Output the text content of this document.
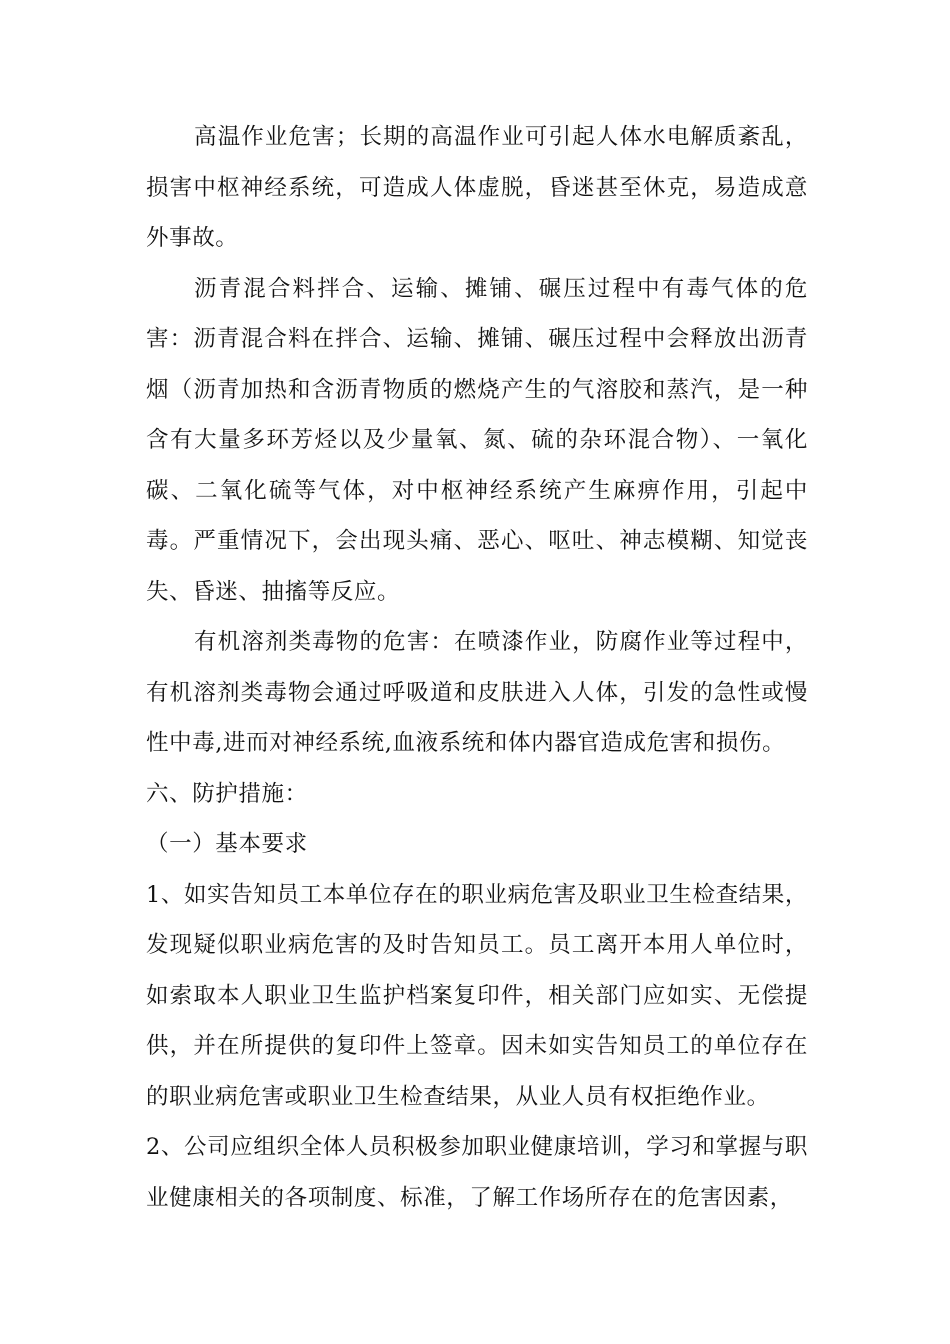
高温作业危害；长期的高温作业可引起人体水电解质紊乱，损害中枢神经系统，可造成人体虚脱，昏迷甚至休克，易造成意外事故。

沥青混合料拌合、运输、摊铺、碾压过程中有毒气体的危害：沥青混合料在拌合、运输、摊铺、碾压过程中会释放出沥青烟（沥青加热和含沥青物质的燃烧产生的气溶胶和蒸汽，是一种含有大量多环芳烃以及少量氧、氮、硫的杂环混合物）、一氧化碳、二氧化硫等气体，对中枢神经系统产生麻痹作用，引起中毒。严重情况下，会出现头痛、恶心、呕吐、神志模糊、知觉丧失、昏迷、抽搐等反应。

有机溶剂类毒物的危害：在喷漆作业，防腐作业等过程中，有机溶剂类毒物会通过呼吸道和皮肤进入人体，引发的急性或慢性中毒,进而对神经系统,血液系统和体内器官造成危害和损伤。

六、防护措施：

（一）基本要求

1、如实告知员工本单位存在的职业病危害及职业卫生检查结果，发现疑似职业病危害的及时告知员工。员工离开本用人单位时，如索取本人职业卫生监护档案复印件，相关部门应如实、无偿提供，并在所提供的复印件上签章。因未如实告知员工的单位存在的职业病危害或职业卫生检查结果，从业人员有权拒绝作业。

2、公司应组织全体人员积极参加职业健康培训，学习和掌握与职业健康相关的各项制度、标准，了解工作场所存在的危害因素，
